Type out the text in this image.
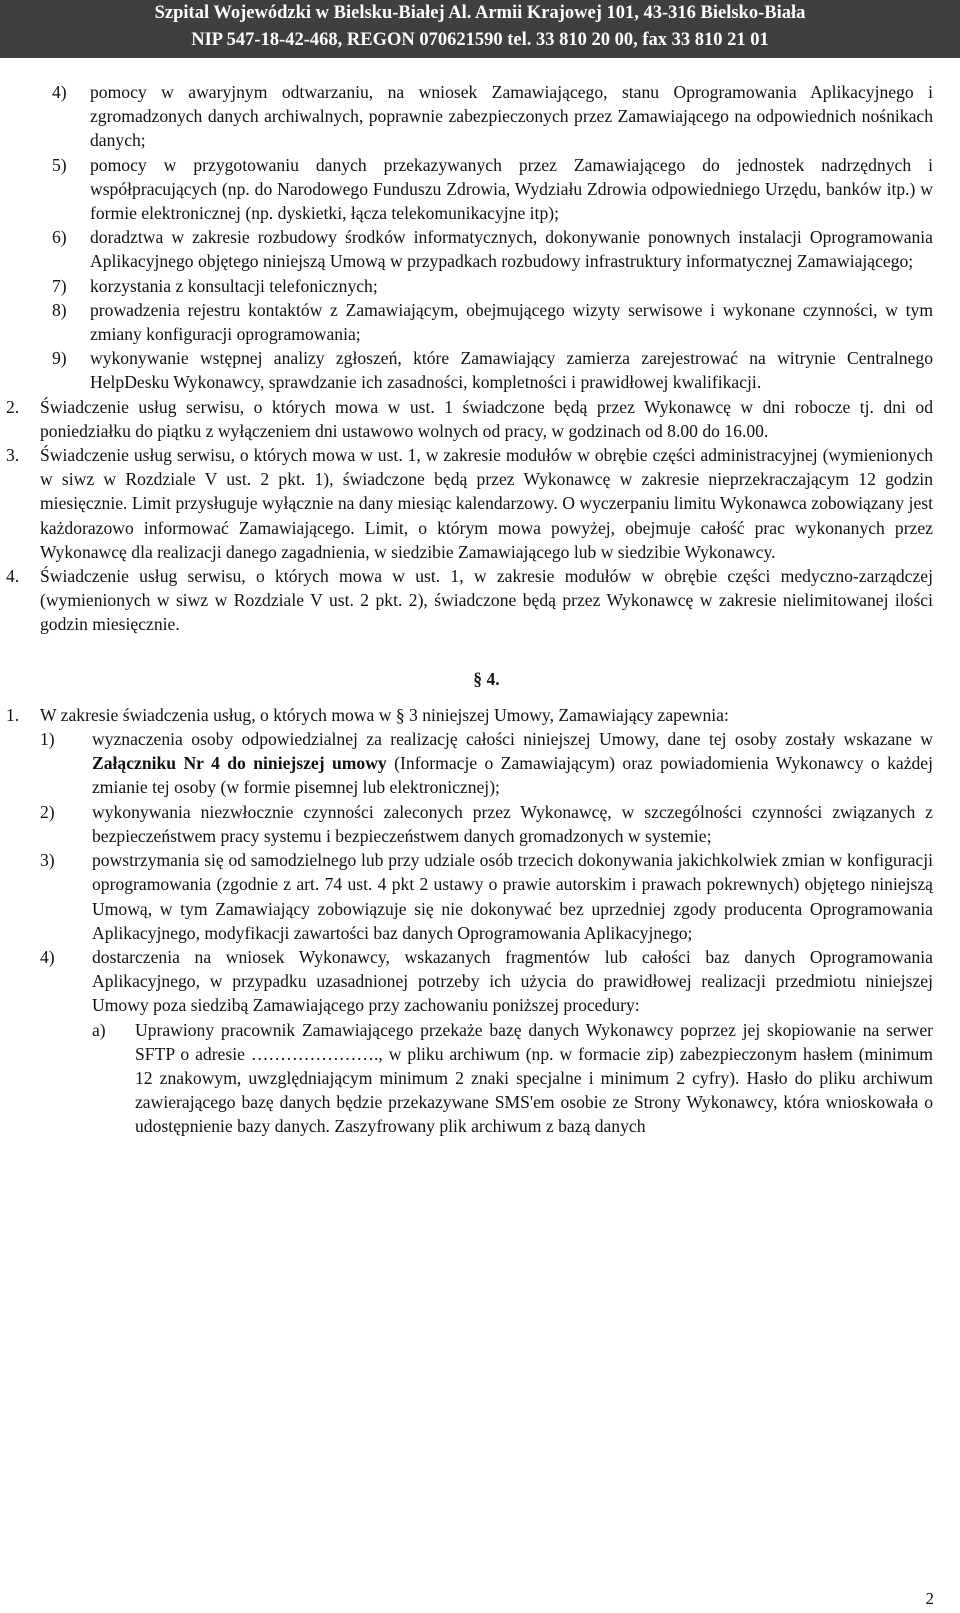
Szpital Wojewódzki w Bielsku-Białej Al. Armii Krajowej 101, 43-316 Bielsko-Biała
NIP 547-18-42-468, REGON 070621590 tel. 33 810 20 00, fax 33 810 21 01
4) pomocy w awaryjnym odtwarzaniu, na wniosek Zamawiającego, stanu Oprogramowania Aplikacyjnego i zgromadzonych danych archiwalnych, poprawnie zabezpieczonych przez Zamawiającego na odpowiednich nośnikach danych;
5) pomocy w przygotowaniu danych przekazywanych przez Zamawiającego do jednostek nadrzędnych i współpracujących (np. do Narodowego Funduszu Zdrowia, Wydziału Zdrowia odpowiedniego Urzędu, banków itp.) w formie elektronicznej (np. dyskietki, łącza telekomunikacyjne itp);
6) doradztwa w zakresie rozbudowy środków informatycznych, dokonywanie ponownych instalacji Oprogramowania Aplikacyjnego objętego niniejszą Umową w przypadkach rozbudowy infrastruktury informatycznej Zamawiającego;
7) korzystania z konsultacji telefonicznych;
8) prowadzenia rejestru kontaktów z Zamawiającym, obejmującego wizyty serwisowe i wykonane czynności, w tym zmiany konfiguracji oprogramowania;
9) wykonywanie wstępnej analizy zgłoszeń, które Zamawiający zamierza zarejestrować na witrynie Centralnego HelpDesku Wykonawcy, sprawdzanie ich zasadności, kompletności i prawidłowej kwalifikacji.
2. Świadczenie usług serwisu, o których mowa w ust. 1 świadczone będą przez Wykonawcę w dni robocze tj. dni od poniedziałku do piątku z wyłączeniem dni ustawowo wolnych od pracy, w godzinach od 8.00 do 16.00.
3. Świadczenie usług serwisu, o których mowa w ust. 1, w zakresie modułów w obrębie części administracyjnej (wymienionych w siwz w Rozdziale V ust. 2 pkt. 1), świadczone będą przez Wykonawcę w zakresie nieprzekraczającym 12 godzin miesięcznie. Limit przysługuje wyłącznie na dany miesiąc kalendarzowy. O wyczerpaniu limitu Wykonawca zobowiązany jest każdorazowo informować Zamawiającego. Limit, o którym mowa powyżej, obejmuje całość prac wykonanych przez Wykonawcę dla realizacji danego zagadnienia, w siedzibie Zamawiającego lub w siedzibie Wykonawcy.
4. Świadczenie usług serwisu, o których mowa w ust. 1, w zakresie modułów w obrębie części medyczno-zarządczej (wymienionych w siwz w Rozdziale V ust. 2 pkt. 2), świadczone będą przez Wykonawcę w zakresie nielimitowanej ilości godzin miesięcznie.
§ 4.
1. W zakresie świadczenia usług, o których mowa w § 3 niniejszej Umowy, Zamawiający zapewnia:
1) wyznaczenia osoby odpowiedzialnej za realizację całości niniejszej Umowy, dane tej osoby zostały wskazane w Załączniku Nr 4 do niniejszej umowy (Informacje o Zamawiającym) oraz powiadomienia Wykonawcy o każdej zmianie tej osoby (w formie pisemnej lub elektronicznej);
2) wykonywania niezwłocznie czynności zaleconych przez Wykonawcę, w szczególności czynności związanych z bezpieczeństwem pracy systemu i bezpieczeństwem danych gromadzonych w systemie;
3) powstrzymania się od samodzielnego lub przy udziale osób trzecich dokonywania jakichkolwiek zmian w konfiguracji oprogramowania (zgodnie z art. 74 ust. 4 pkt 2 ustawy o prawie autorskim i prawach pokrewnych) objętego niniejszą Umową, w tym Zamawiający zobowiązuje się nie dokonywać bez uprzedniej zgody producenta Oprogramowania Aplikacyjnego, modyfikacji zawartości baz danych Oprogramowania Aplikacyjnego;
4) dostarczenia na wniosek Wykonawcy, wskazanych fragmentów lub całości baz danych Oprogramowania Aplikacyjnego, w przypadku uzasadnionej potrzeby ich użycia do prawidłowej realizacji przedmiotu niniejszej Umowy poza siedzibą Zamawiającego przy zachowaniu poniższej procedury:
a) Uprawiony pracownik Zamawiającego przekaże bazę danych Wykonawcy poprzez jej skopiowanie na serwer SFTP o adresie …………………., w pliku archiwum (np. w formacie zip) zabezpieczonym hasłem (minimum 12 znakowym, uwzględniającym minimum 2 znaki specjalne i minimum 2 cyfry). Hasło do pliku archiwum zawierającego bazę danych będzie przekazywane SMS'em osobie ze Strony Wykonawcy, która wnioskowała o udostępnienie bazy danych. Zaszyfrowany plik archiwum z bazą danych
2
